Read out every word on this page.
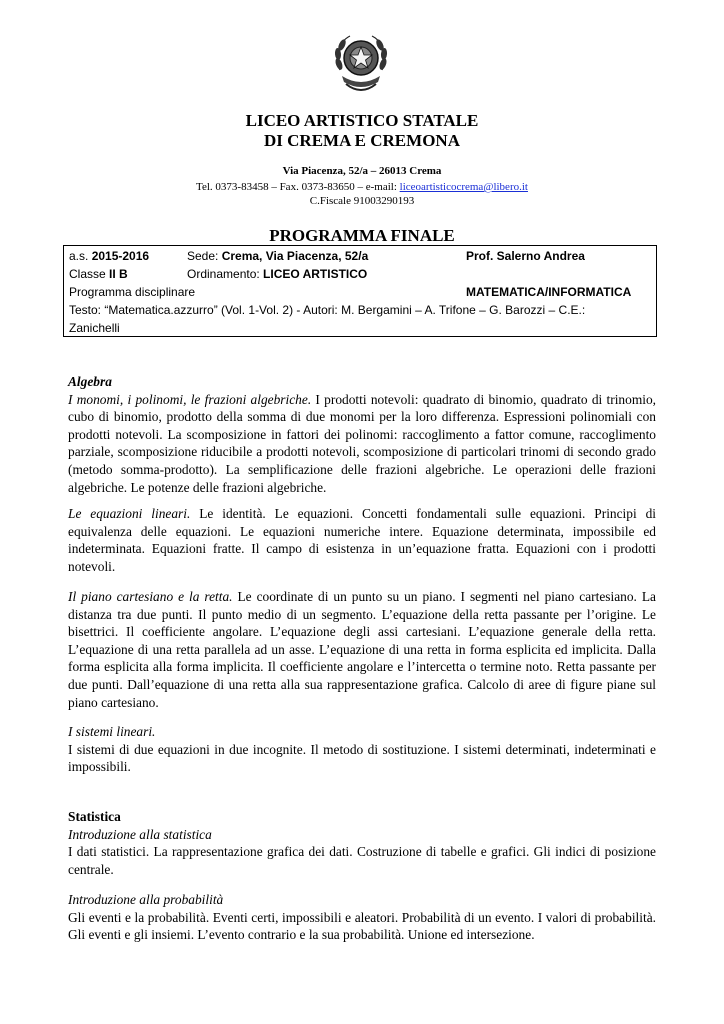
LICEO ARTISTICO STATALE
DI CREMA E CREMONA
Via Piacenza, 52/a – 26013 Crema
Tel. 0373-83458 – Fax. 0373-83650 – e-mail: liceoartisticocrema@libero.it
C.Fiscale 91003290193
PROGRAMMA FINALE
a.s. 2015-2016	Sede: Crema, Via Piacenza, 52/a	Prof. Salerno Andrea
Classe II B	Ordinamento: LICEO ARTISTICO
Programma disciplinare	MATEMATICA/INFORMATICA
Testo: “Matematica.azzurro” (Vol. 1-Vol. 2) - Autori: M. Bergamini – A. Trifone – G. Barozzi – C.E.:
Zanichelli

Algebra

I monomi, i polinomi, le frazioni algebriche. I prodotti notevoli: quadrato di binomio, quadrato di trinomio, cubo di binomio, prodotto della somma di due monomi per la loro differenza. Espressioni polinomiali con prodotti notevoli. La scomposizione in fattori dei polinomi: raccoglimento a fattor comune, raccoglimento parziale, scomposizione riducibile a prodotti notevoli, scomposizione di particolari trinomi di secondo grado (metodo somma-prodotto). La semplificazione delle frazioni algebriche. Le operazioni delle frazioni algebriche. Le potenze delle frazioni algebriche.

Le equazioni lineari. Le identità. Le equazioni. Concetti fondamentali sulle equazioni. Principi di equivalenza delle equazioni. Le equazioni numeriche intere. Equazione determinata, impossibile ed indeterminata. Equazioni fratte. Il campo di esistenza in un’equazione fratta. Equazioni con i prodotti notevoli.

Il piano cartesiano e la retta. Le coordinate di un punto su un piano. I segmenti nel piano cartesiano. La distanza tra due punti. Il punto medio di un segmento. L’equazione della retta passante per l’origine. Le bisettrici. Il coefficiente angolare. L’equazione degli assi cartesiani. L’equazione generale della retta. L’equazione di una retta parallela ad un asse. L’equazione di una retta in forma esplicita ed implicita. Dalla forma esplicita alla forma implicita. Il coefficiente angolare e l’intercetta o termine noto. Retta passante per due punti. Dall’equazione di una retta alla sua rappresentazione grafica. Calcolo di aree di figure piane sul piano cartesiano.

I sistemi lineari.

I sistemi di due equazioni in due incognite. Il metodo di sostituzione. I sistemi determinati, indeterminati e impossibili.

Statistica

Introduzione alla statistica

I dati statistici. La rappresentazione grafica dei dati. Costruzione di tabelle e grafici. Gli indici di posizione centrale.

Introduzione alla probabilità

Gli eventi e la probabilità. Eventi certi, impossibili e aleatori. Probabilità di un evento. I valori di probabilità. Gli eventi e gli insiemi. L’evento contrario e la sua probabilità. Unione ed intersezione.
